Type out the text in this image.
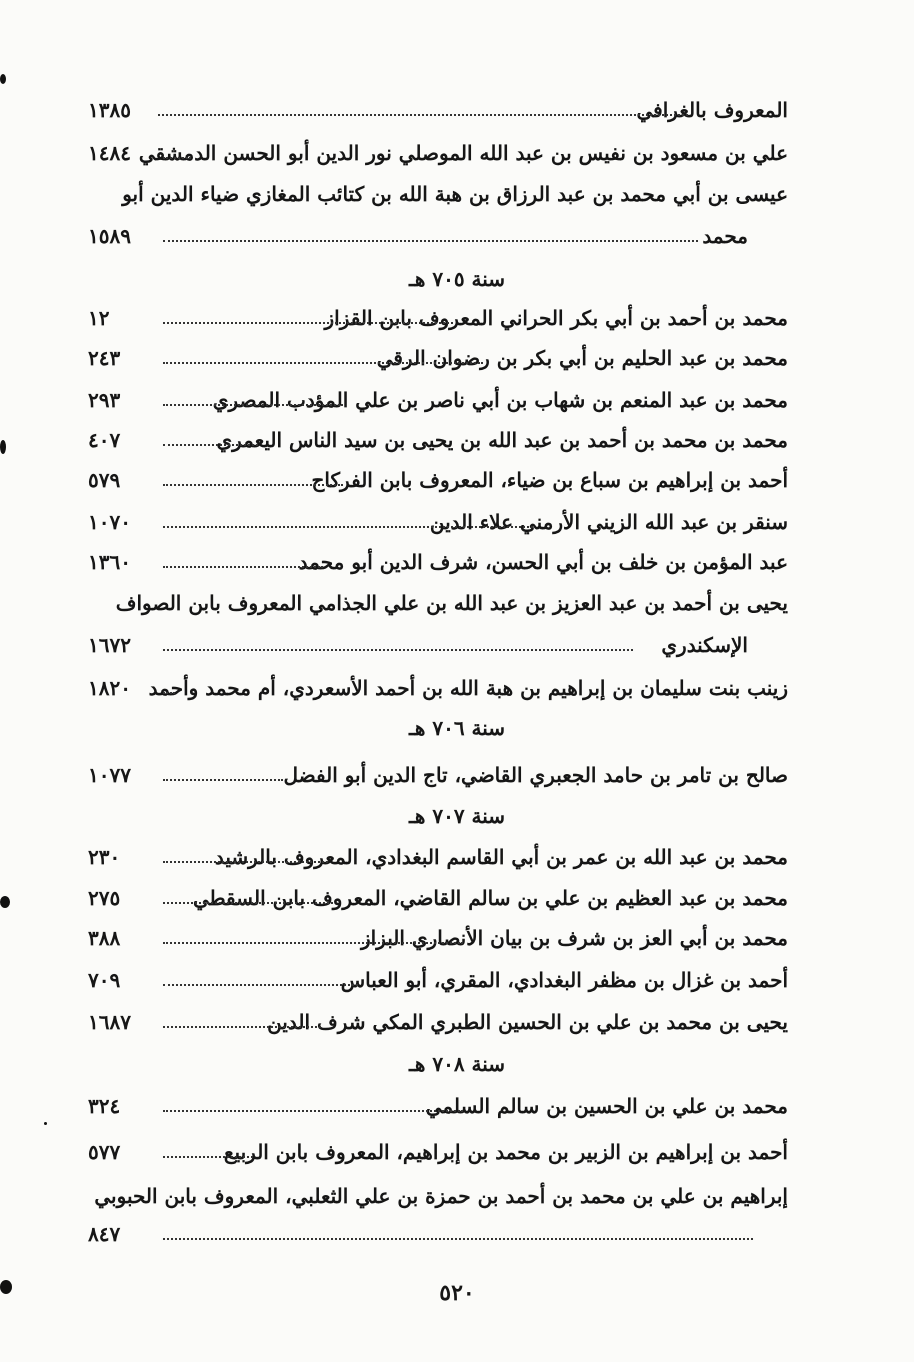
المعروف بالغرافي
١٣٨٥
علي بن مسعود بن نفيس بن عبد الله الموصلي نور الدين أبو الحسن الدمشقي
١٤٨٤
عيسى بن أبي محمد بن عبد الرزاق بن هبة الله بن كتائب المغازي ضياء الدين أبو
محمد
١٥٨٩
سنة ٧٠٥ هـ
محمد بن أحمد بن أبي بكر الحراني المعروف بابن القزاز
١٢
محمد بن عبد الحليم بن أبي بكر بن رضوان الرقي
٢٤٣
محمد بن عبد المنعم بن شهاب بن أبي ناصر بن علي المؤدب المصري
٢٩٣
محمد بن محمد بن أحمد بن عبد الله بن يحيى بن سيد الناس اليعمري
٤٠٧
أحمد بن إبراهيم بن سباع بن ضياء، المعروف بابن الفركاح
٥٧٩
سنقر بن عبد الله الزيني الأرمني علاء الدين
١٠٧٠
عبد المؤمن بن خلف بن أبي الحسن، شرف الدين أبو محمد
١٣٦٠
يحيى بن أحمد بن عبد العزيز بن عبد الله بن علي الجذامي المعروف بابن الصواف
الإسكندري
١٦٧٢
زينب بنت سليمان بن إبراهيم بن هبة الله بن أحمد الأسعردي، أم محمد وأحمد
١٨٢٠
سنة ٧٠٦ هـ
صالح بن تامر بن حامد الجعبري القاضي، تاج الدين أبو الفضل
١٠٧٧
سنة ٧٠٧ هـ
محمد بن عبد الله بن عمر بن أبي القاسم البغدادي، المعروف بالرشيد
٢٣٠
محمد بن عبد العظيم بن علي بن سالم القاضي، المعروف بابن السقطي
٢٧٥
محمد بن أبي العز بن شرف بن بيان الأنصاري البزاز
٣٨٨
أحمد بن غزال بن مظفر البغدادي، المقري، أبو العباس
٧٠٩
يحيى بن محمد بن علي بن الحسين الطبري المكي شرف الدين
١٦٨٧
سنة ٧٠٨ هـ
محمد بن علي بن الحسين بن سالم السلمي
٣٢٤
أحمد بن إبراهيم بن الزبير بن محمد بن إبراهيم، المعروف بابن الربيع
٥٧٧
إبراهيم بن علي بن محمد بن أحمد بن حمزة بن علي الثعلبي، المعروف بابن الحبوبي
٨٤٧
٥٢٠
